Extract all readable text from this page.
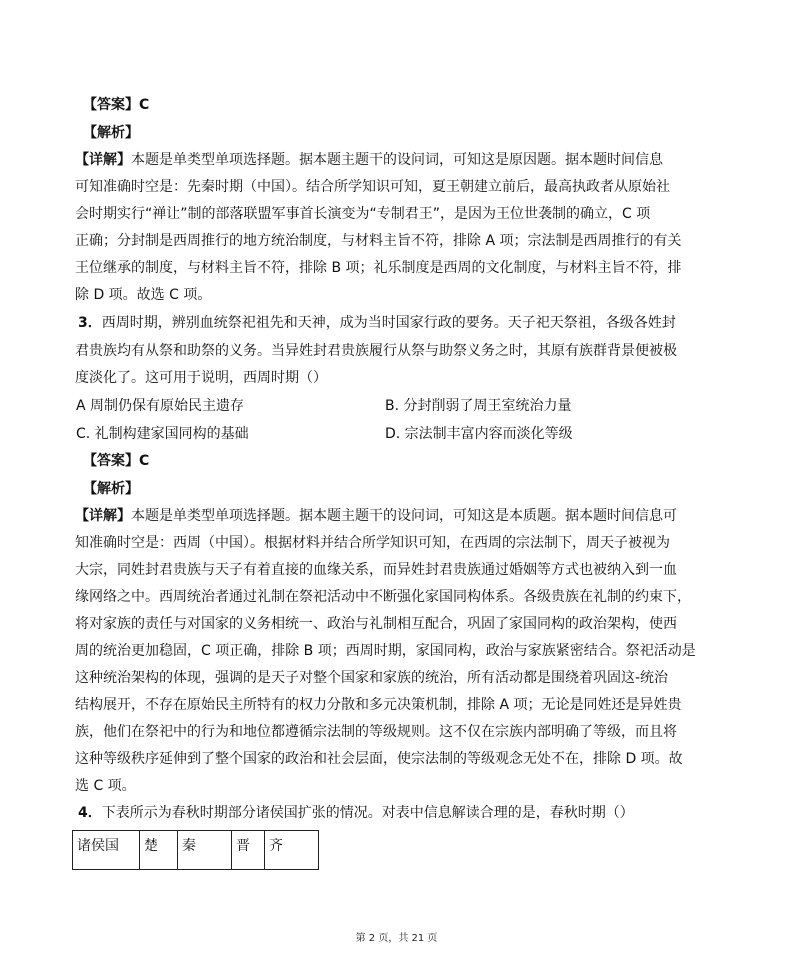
【答案】C
【解析】
【详解】本题是单类型单项选择题。据本题主题干的设问词，可知这是原因题。据本题时间信息
可知准确时空是：先秦时期（中国）。结合所学知识可知，夏王朝建立前后，最高执政者从原始社
会时期实行“禅让”制的部落联盟军事首长演变为“专制君王”，是因为王位世袭制的确立，C 项
正确；分封制是西周推行的地方统治制度，与材料主旨不符，排除 A 项；宗法制是西周推行的有关
王位继承的制度，与材料主旨不符，排除 B 项；礼乐制度是西周的文化制度，与材料主旨不符，排
除 D 项。故选 C 项。
3．西周时期，辨别血统祭祀祖先和天神，成为当时国家行政的要务。天子祀天祭祖，各级各姓封
君贵族均有从祭和助祭的义务。当异姓封君贵族履行从祭与助祭义务之时，其原有族群背景便被极
度淡化了。这可用于说明，西周时期（）
A 周制仍保有原始民主遗存	B. 分封削弱了周王室统治力量
C. 礼制构建家国同构的基础	D. 宗法制丰富内容而淡化等级
【答案】C
【解析】
【详解】本题是单类型单项选择题。据本题主题干的设问词，可知这是本质题。据本题时间信息可
知准确时空是：西周（中国）。根据材料并结合所学知识可知，在西周的宗法制下，周天子被视为
大宗，同姓封君贵族与天子有着直接的血缘关系，而异姓封君贵族通过婚姻等方式也被纳入到一血
缘网络之中。西周统治者通过礼制在祭祀活动中不断强化家国同构体系。各级贵族在礼制的约束下，
将对家族的责任与对国家的义务相统一、政治与礼制相互配合，巩固了家国同构的政治架构，使西
周的统治更加稳固，C 项正确，排除 B 项；西周时期，家国同构，政治与家族紧密结合。祭祀活动是
这种统治架构的体现，强调的是天子对整个国家和家族的统治，所有活动都是围绕着巩固这-统治
结构展开，不存在原始民主所特有的权力分散和多元决策机制，排除 A 项；无论是同姓还是异姓贵
族，他们在祭祀中的行为和地位都遵循宗法制的等级规则。这不仅在宗族内部明确了等级，而且将
这种等级秩序延伸到了整个国家的政治和社会层面，使宗法制的等级观念无处不在，排除 D 项。故
选 C 项。
4．下表所示为春秋时期部分诸侯国扩张的情况。对表中信息解读合理的是，春秋时期（）
诸侯国	楚	秦	晋	齐
第 2 页，共 21 页
